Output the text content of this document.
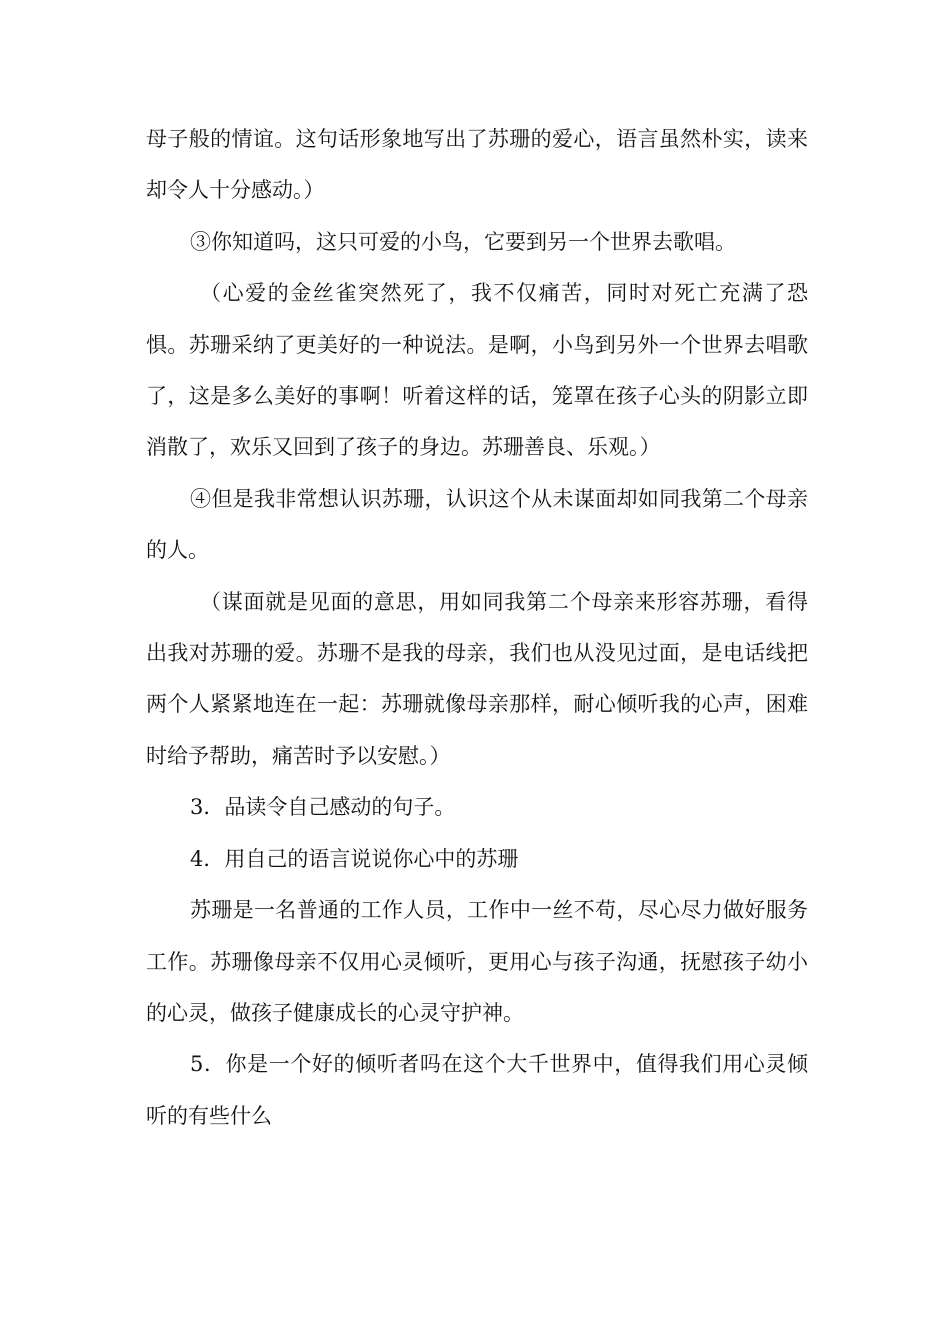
母子般的情谊。这句话形象地写出了苏珊的爱心，语言虽然朴实，读来却令人十分感动。）

③你知道吗，这只可爱的小鸟，它要到另一个世界去歌唱。

（心爱的金丝雀突然死了，我不仅痛苦，同时对死亡充满了恐惧。苏珊采纳了更美好的一种说法。是啊，小鸟到另外一个世界去唱歌了，这是多么美好的事啊！听着这样的话，笼罩在孩子心头的阴影立即消散了，欢乐又回到了孩子的身边。苏珊善良、乐观。）

④但是我非常想认识苏珊，认识这个从未谋面却如同我第二个母亲的人。

（谋面就是见面的意思，用如同我第二个母亲来形容苏珊，看得出我对苏珊的爱。苏珊不是我的母亲，我们也从没见过面，是电话线把两个人紧紧地连在一起：苏珊就像母亲那样，耐心倾听我的心声，困难时给予帮助，痛苦时予以安慰。）

3．品读令自己感动的句子。

4．用自己的语言说说你心中的苏珊

苏珊是一名普通的工作人员，工作中一丝不苟，尽心尽力做好服务工作。苏珊像母亲不仅用心灵倾听，更用心与孩子沟通，抚慰孩子幼小的心灵，做孩子健康成长的心灵守护神。

5．你是一个好的倾听者吗在这个大千世界中，值得我们用心灵倾听的有些什么
